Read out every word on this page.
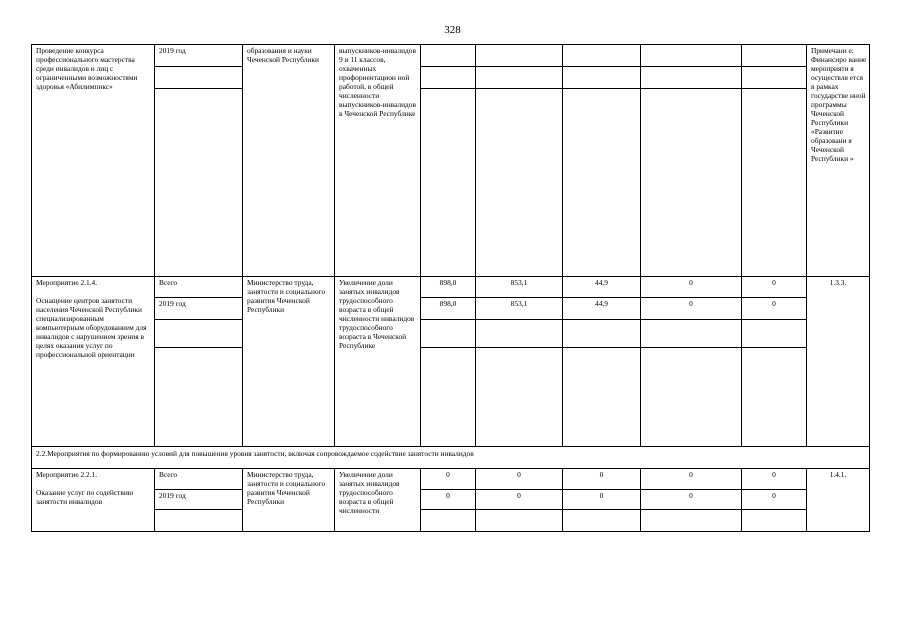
328
Проведение конкурса профессионального мастерства среди инвалидов и лиц с ограниченными возможностями здоровья «Абилимпикс»	2019 год	образования и науки Чеченской Республики	выпускников-инвалидов 9 и 11 классов, охваченных профориентацион ной работой, в общей численности выпускников-инвалидов в Чеченской Республике						Примечани е: Финансиро вание мероприяти я осуществля ется в рамках государстве нной программы Чеченской Республики «Развитие образовани я Чеченской Республики »

Мероприятие 2.1.4.

Оснащение центров занятости населения Чеченской Республики специализированным компьютерным оборудованием для инвалидов с нарушением зрения в целях оказания услуг по профессиональной ориентации	Всего	Министерство труда, занятости и социального развития Чеченской Республики	Увеличение доли занятых инвалидов трудоспособного возраста в общей численности инвалидов трудоспособного возраста в Чеченской Республике	898,0	853,1	44,9	0	0	1.3.3.
	2019 год			898,0	853,1	44,9	0	0	

2.2.Мероприятия по формированию условий для повышения уровня занятости, включая сопровождаемое содействие занятости инвалидов									
Мероприятие 2.2.1.

Оказание услуг по содействию занятости инвалидов	Всего	Министерство труда, занятости и социального развития Чеченской Республики	Увеличение доли занятых инвалидов трудоспособного возраста в общей численности	0	0	0	0	0	1.4.1.
	2019 год			0	0	0	0	0	
